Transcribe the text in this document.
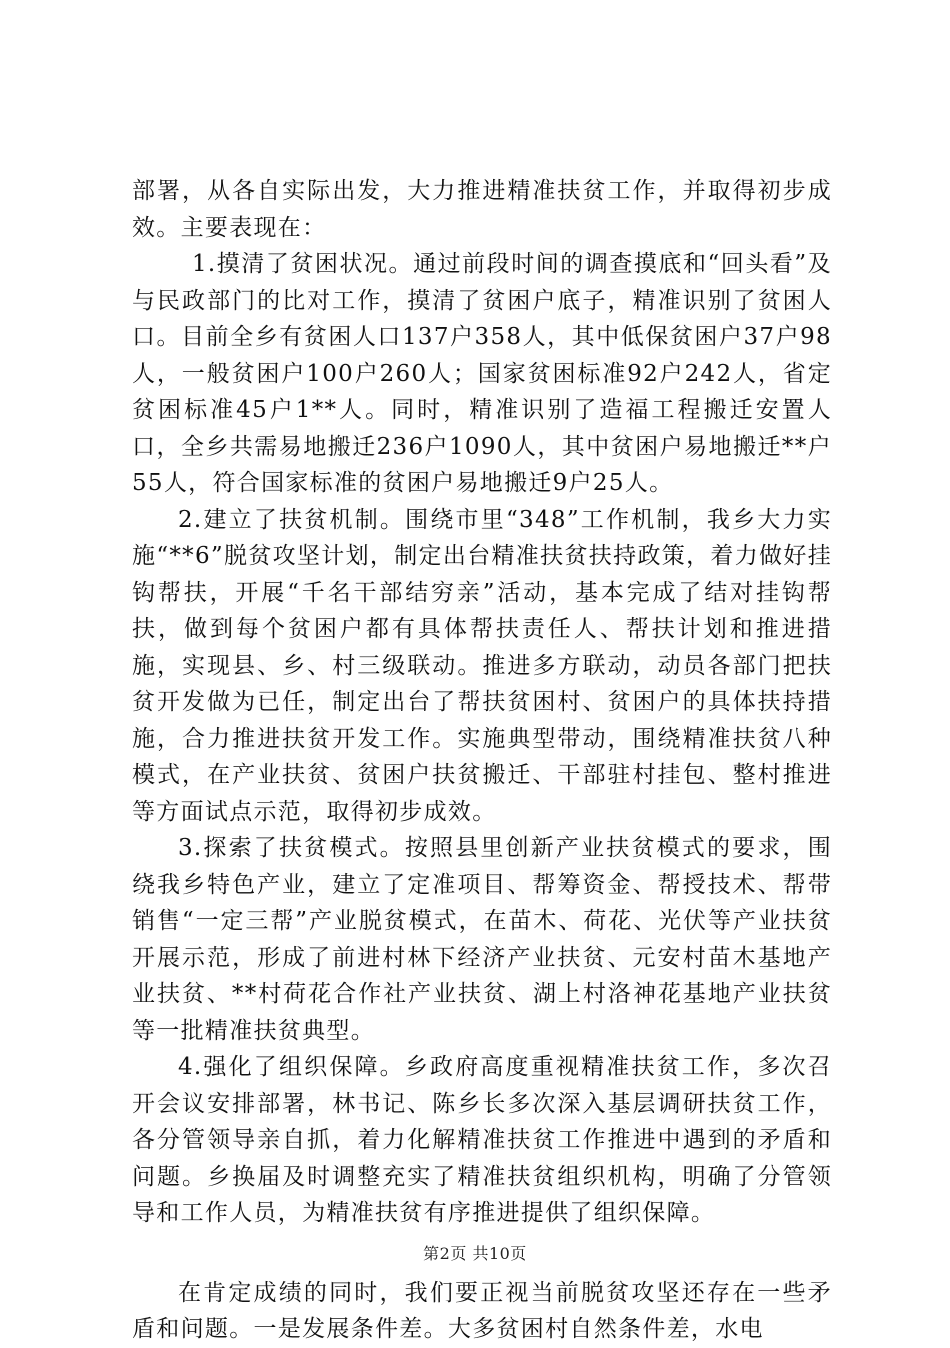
部署，从各自实际出发，大力推进精准扶贫工作，并取得初步成效。主要表现在：

1.摸清了贫困状况。通过前段时间的调查摸底和“回头看”及与民政部门的比对工作，摸清了贫困户底子，精准识别了贫困人口。目前全乡有贫困人口137户358人，其中低保贫困户37户98人，一般贫困户100户260人；国家贫困标准92户242人，省定贫困标准45户1**人。同时，精准识别了造福工程搬迁安置人口，全乡共需易地搬迁236户1090人，其中贫困户易地搬迁**户55人，符合国家标准的贫困户易地搬迁9户25人。

2.建立了扶贫机制。围绕市里“348”工作机制，我乡大力实施“**6”脱贫攻坚计划，制定出台精准扶贫扶持政策，着力做好挂钩帮扶，开展“千名干部结穷亲”活动，基本完成了结对挂钩帮扶，做到每个贫困户都有具体帮扶责任人、帮扶计划和推进措施，实现县、乡、村三级联动。推进多方联动，动员各部门把扶贫开发做为已任，制定出台了帮扶贫困村、贫困户的具体扶持措施，合力推进扶贫开发工作。实施典型带动，围绕精准扶贫八种模式，在产业扶贫、贫困户扶贫搬迁、干部驻村挂包、整村推进等方面试点示范，取得初步成效。

3.探索了扶贫模式。按照县里创新产业扶贫模式的要求，围绕我乡特色产业，建立了定准项目、帮筹资金、帮授技术、帮带销售“一定三帮”产业脱贫模式，在苗木、荷花、光伏等产业扶贫开展示范，形成了前进村林下经济产业扶贫、元安村苗木基地产业扶贫、**村荷花合作社产业扶贫、湖上村洛神花基地产业扶贫等一批精准扶贫典型。

4.强化了组织保障。乡政府高度重视精准扶贫工作，多次召开会议安排部署，林书记、陈乡长多次深入基层调研扶贫工作，各分管领导亲自抓，着力化解精准扶贫工作推进中遇到的矛盾和问题。乡换届及时调整充实了精准扶贫组织机构，明确了分管领导和工作人员，为精准扶贫有序推进提供了组织保障。

在肯定成绩的同时，我们要正视当前脱贫攻坚还存在一些矛盾和问题。一是发展条件差。大多贫困村自然条件差，水电

第2页 共10页
